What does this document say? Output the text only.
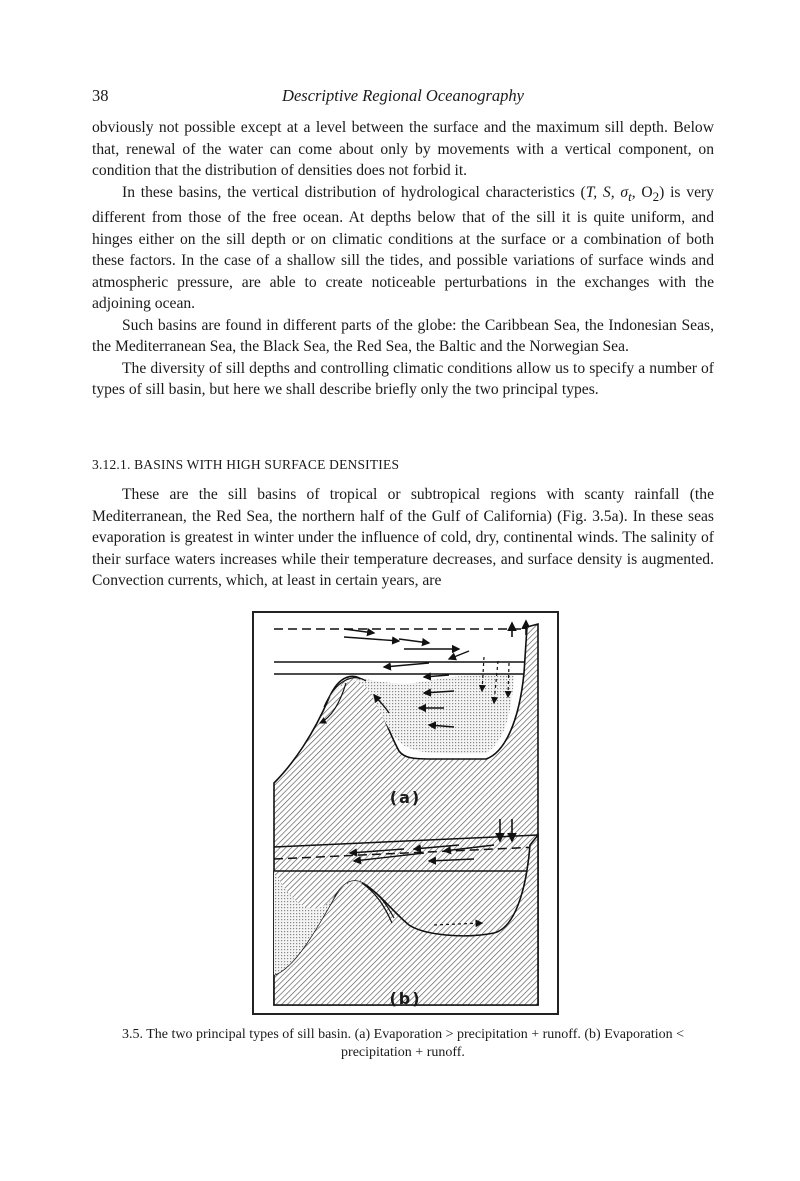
38	Descriptive Regional Oceanography

obviously not possible except at a level between the surface and the maximum sill depth. Below that, renewal of the water can come about only by movements with a vertical component, on condition that the distribution of densities does not forbid it.

In these basins, the vertical distribution of hydrological characteristics (T, S, $\sigma_t$, $O_2$) is very different from those of the free ocean. At depths below that of the sill it is quite uniform, and hinges either on the sill depth or on climatic conditions at the surface or a combination of both these factors. In the case of a shallow sill the tides, and possible variations of surface winds and atmospheric pressure, are able to create noticeable perturbations in the exchanges with the adjoining ocean.

Such basins are found in different parts of the globe: the Caribbean Sea, the Indonesian Seas, the Mediterranean Sea, the Black Sea, the Red Sea, the Baltic and the Norwegian Sea.

The diversity of sill depths and controlling climatic conditions allow us to specify a number of types of sill basin, but here we shall describe briefly only the two principal types.

3.12.1. BASINS WITH HIGH SURFACE DENSITIES

These are the sill basins of tropical or subtropical regions with scanty rainfall (the Mediterranean, the Red Sea, the northern half of the Gulf of California) (Fig. 3.5a). In these seas evaporation is greatest in winter under the influence of cold, dry, continental winds. The salinity of their surface waters increases while their temperature decreases, and surface density is augmented. Convection currents, which, at least in certain years, are

(a)
(b)
3.5. The two principal types of sill basin. (a) Evaporation > precipitation + runoff. (b) Evaporation <
precipitation + runoff.
